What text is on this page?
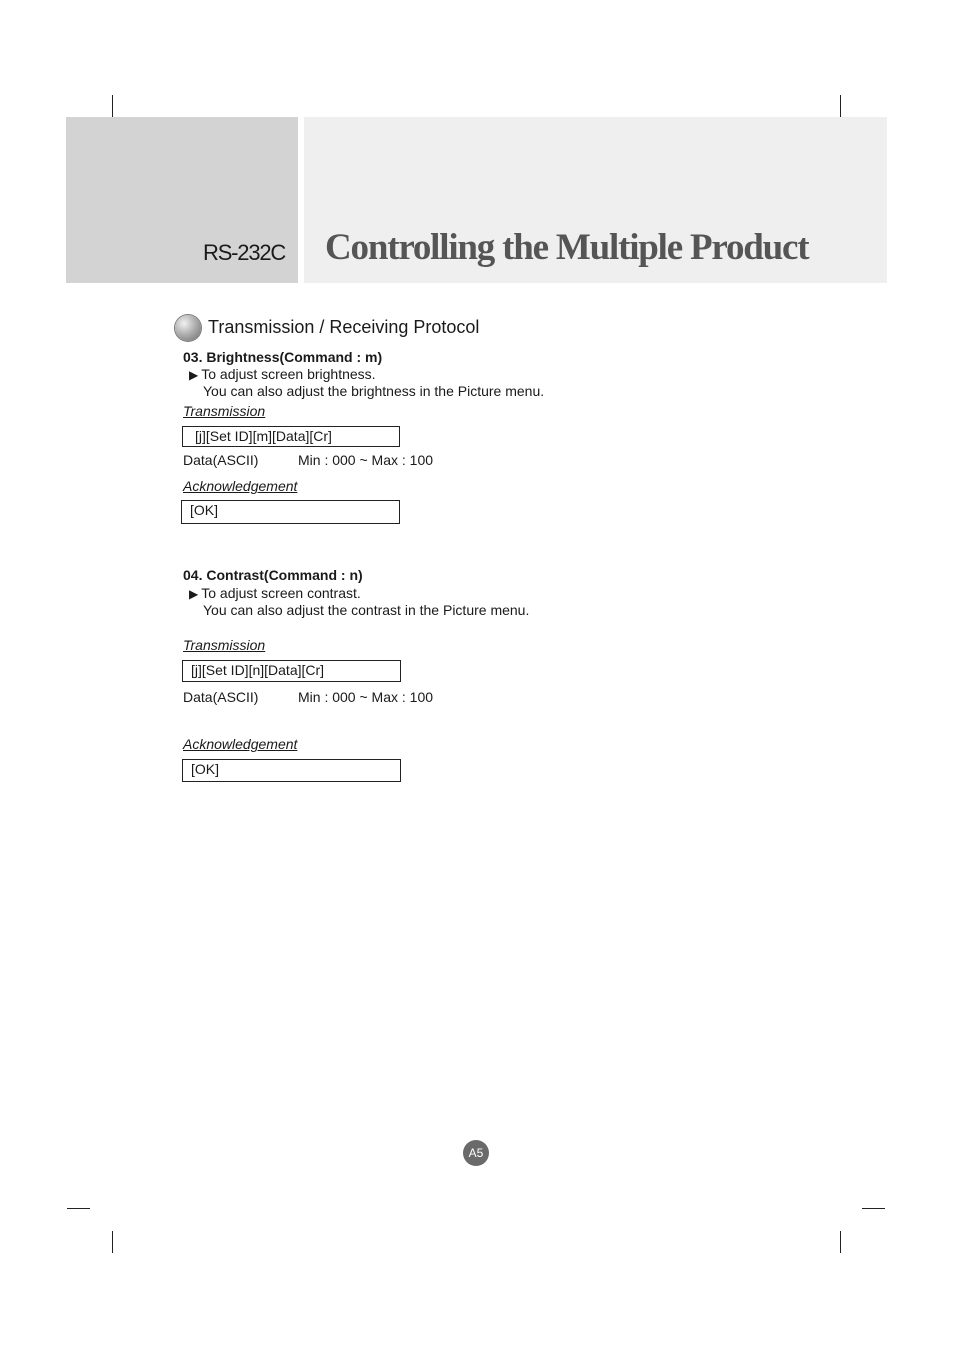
RS-232C Controlling the Multiple Product
Transmission / Receiving Protocol
03. Brightness(Command : m)
▶ To adjust screen brightness.
You can also adjust the brightness in the Picture menu.
Transmission
[j][Set ID][m][Data][Cr]
Data(ASCII)	Min : 000 ~ Max : 100
Acknowledgement
[OK]
04. Contrast(Command : n)
▶ To adjust screen contrast.
You can also adjust the contrast in the Picture menu.
Transmission
[j][Set ID][n][Data][Cr]
Data(ASCII)	Min : 000 ~ Max : 100
Acknowledgement
[OK]
A5
